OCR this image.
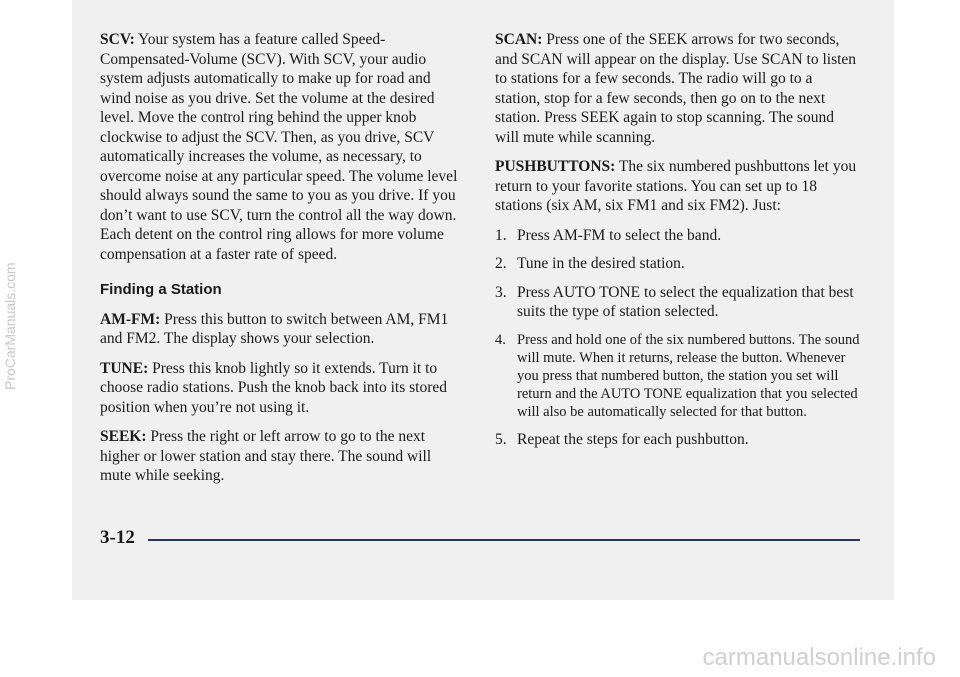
SCV: Your system has a feature called Speed-Compensated-Volume (SCV). With SCV, your audio system adjusts automatically to make up for road and wind noise as you drive. Set the volume at the desired level. Move the control ring behind the upper knob clockwise to adjust the SCV. Then, as you drive, SCV automatically increases the volume, as necessary, to overcome noise at any particular speed. The volume level should always sound the same to you as you drive. If you don’t want to use SCV, turn the control all the way down. Each detent on the control ring allows for more volume compensation at a faster rate of speed.

Finding a Station

AM-FM: Press this button to switch between AM, FM1 and FM2. The display shows your selection.

TUNE: Press this knob lightly so it extends. Turn it to choose radio stations. Push the knob back into its stored position when you’re not using it.

SEEK: Press the right or left arrow to go to the next higher or lower station and stay there. The sound will mute while seeking.

SCAN: Press one of the SEEK arrows for two seconds, and SCAN will appear on the display. Use SCAN to listen to stations for a few seconds. The radio will go to a station, stop for a few seconds, then go on to the next station. Press SEEK again to stop scanning. The sound will mute while scanning.

PUSHBUTTONS: The six numbered pushbuttons let you return to your favorite stations. You can set up to 18 stations (six AM, six FM1 and six FM2). Just:

1. Press AM-FM to select the band.
2. Tune in the desired station.
3. Press AUTO TONE to select the equalization that best suits the type of station selected.
4. Press and hold one of the six numbered buttons. The sound will mute. When it returns, release the button. Whenever you press that numbered button, the station you set will return and the AUTO TONE equalization that you selected will also be automatically selected for that button.
5. Repeat the steps for each pushbutton.
3-12
ProCarManuals.com
carmanualsonline.info
